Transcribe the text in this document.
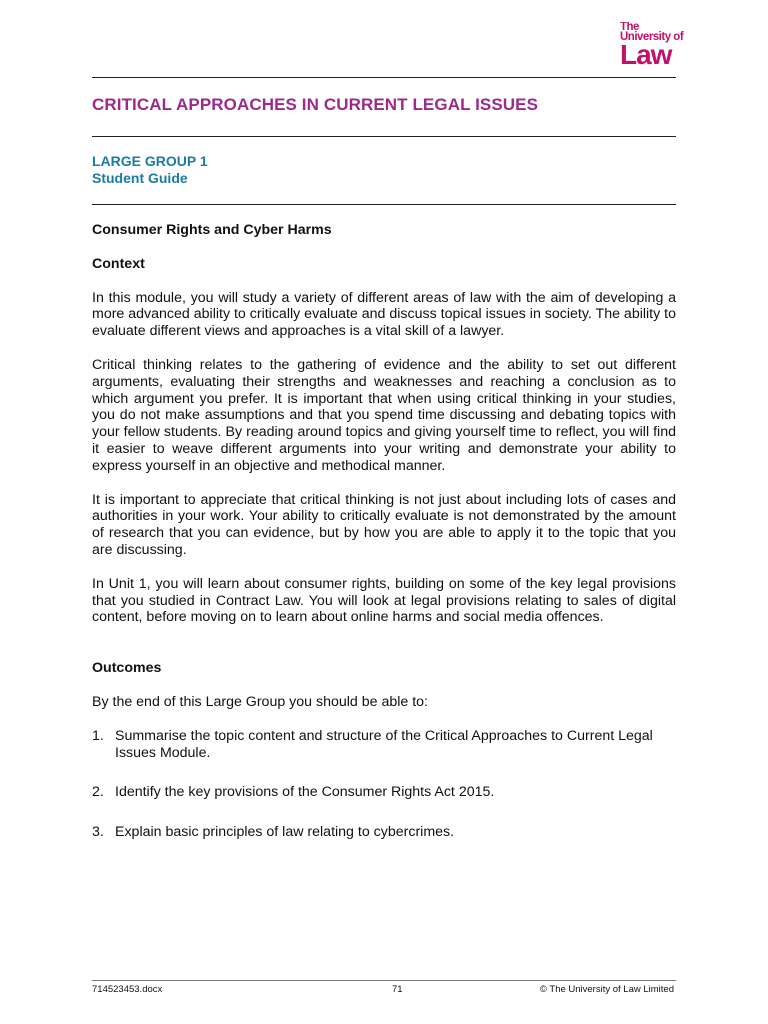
The
University of
Law
CRITICAL APPROACHES IN CURRENT LEGAL ISSUES
LARGE GROUP 1
Student Guide

Consumer Rights and Cyber Harms

Context

In this module, you will study a variety of different areas of law with the aim of developing a more advanced ability to critically evaluate and discuss topical issues in society. The ability to evaluate different views and approaches is a vital skill of a lawyer.

Critical thinking relates to the gathering of evidence and the ability to set out different arguments, evaluating their strengths and weaknesses and reaching a conclusion as to which argument you prefer. It is important that when using critical thinking in your studies, you do not make assumptions and that you spend time discussing and debating topics with your fellow students. By reading around topics and giving yourself time to reflect, you will find it easier to weave different arguments into your writing and demonstrate your ability to express yourself in an objective and methodical manner.

It is important to appreciate that critical thinking is not just about including lots of cases and authorities in your work. Your ability to critically evaluate is not demonstrated by the amount of research that you can evidence, but by how you are able to apply it to the topic that you are discussing.

In Unit 1, you will learn about consumer rights, building on some of the key legal provisions that you studied in Contract Law. You will look at legal provisions relating to sales of digital content, before moving on to learn about online harms and social media offences.

Outcomes

By the end of this Large Group you should be able to:

1. Summarise the topic content and structure of the Critical Approaches to Current Legal Issues Module.
2. Identify the key provisions of the Consumer Rights Act 2015.
3. Explain basic principles of law relating to cybercrimes.
714523453.docx	71	© The University of Law Limited
